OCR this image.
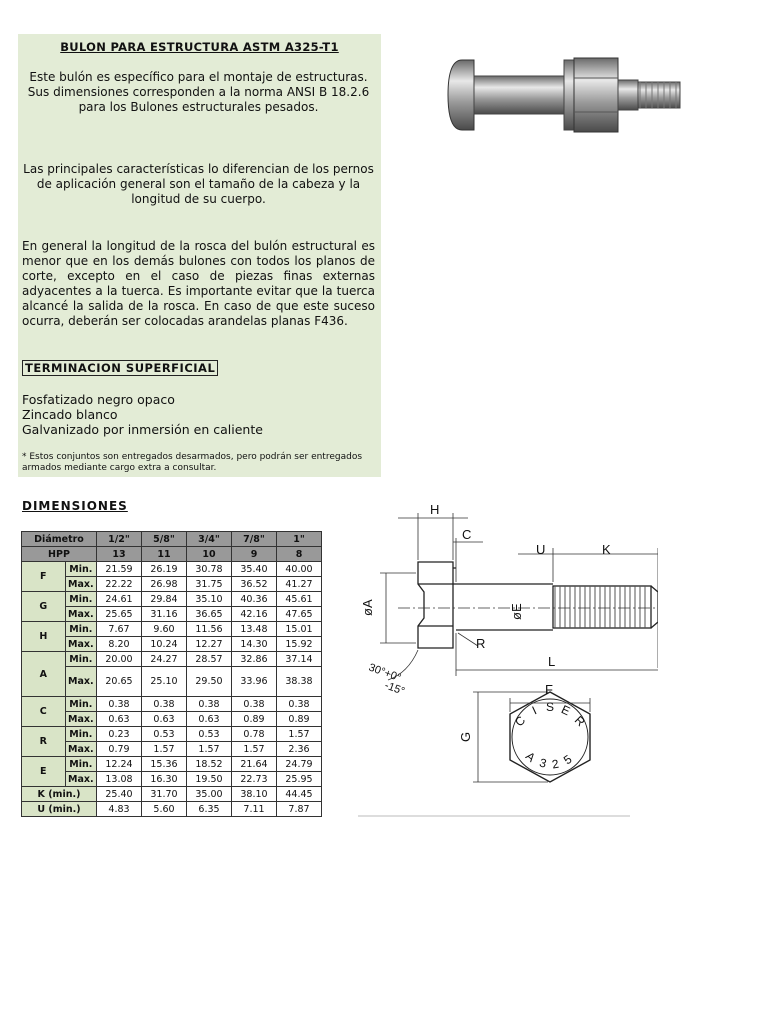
BULON PARA ESTRUCTURA ASTM A325-T1
Este bulón es específico para el montaje de estructuras. Sus dimensiones corresponden a la norma ANSI B 18.2.6 para los Bulones estructurales pesados.
Las principales características lo diferencian de los pernos de aplicación general son el tamaño de la cabeza y la longitud de su cuerpo.
En general la longitud de la rosca del bulón estructural es menor que en los demás bulones con todos los planos de corte, excepto en el caso de piezas finas externas adyacentes a la tuerca. Es importante evitar que la tuerca alcancé la salida de la rosca. En caso de que este suceso ocurra, deberán ser colocadas arandelas planas F436.
TERMINACION SUPERFICIAL
Fosfatizado negro opaco
Zincado blanco
Galvanizado por inmersión en caliente
* Estos conjuntos son entregados desarmados, pero podrán ser entregados armados mediante cargo extra a consultar.
DIMENSIONES
Diámetro		1/2"	5/8"	3/4"	7/8"	1"
HPP		13	11	10	9	8
F	Min.	21.59	26.19	30.78	35.40	40.00
	Max.	22.22	26.98	31.75	36.52	41.27
G	Min.	24.61	29.84	35.10	40.36	45.61
	Max.	25.65	31.16	36.65	42.16	47.65
H	Min.	7.67	9.60	11.56	13.48	15.01
	Max.	8.20	10.24	12.27	14.30	15.92
A	Min.	20.00	24.27	28.57	32.86	37.14
	Max.	20.65	25.10	29.50	33.96	38.38
C	Min.	0.38	0.38	0.38	0.38	0.38
	Max.	0.63	0.63	0.63	0.89	0.89
R	Min.	0.23	0.53	0.53	0.78	1.57
	Max.	0.79	1.57	1.57	1.57	2.36
E	Min.	12.24	15.36	18.52	21.64	24.79
	Max.	13.08	16.30	19.50	22.73	25.95
K (min.)		25.40	31.70	35.00	38.10	44.45
U (min.)		4.83	5.60	6.35	7.11	7.87
H
C
U	K
øA	øE
R
L
30°+0°
-15°	F
G
C
I S E
R
A 3 2 5
